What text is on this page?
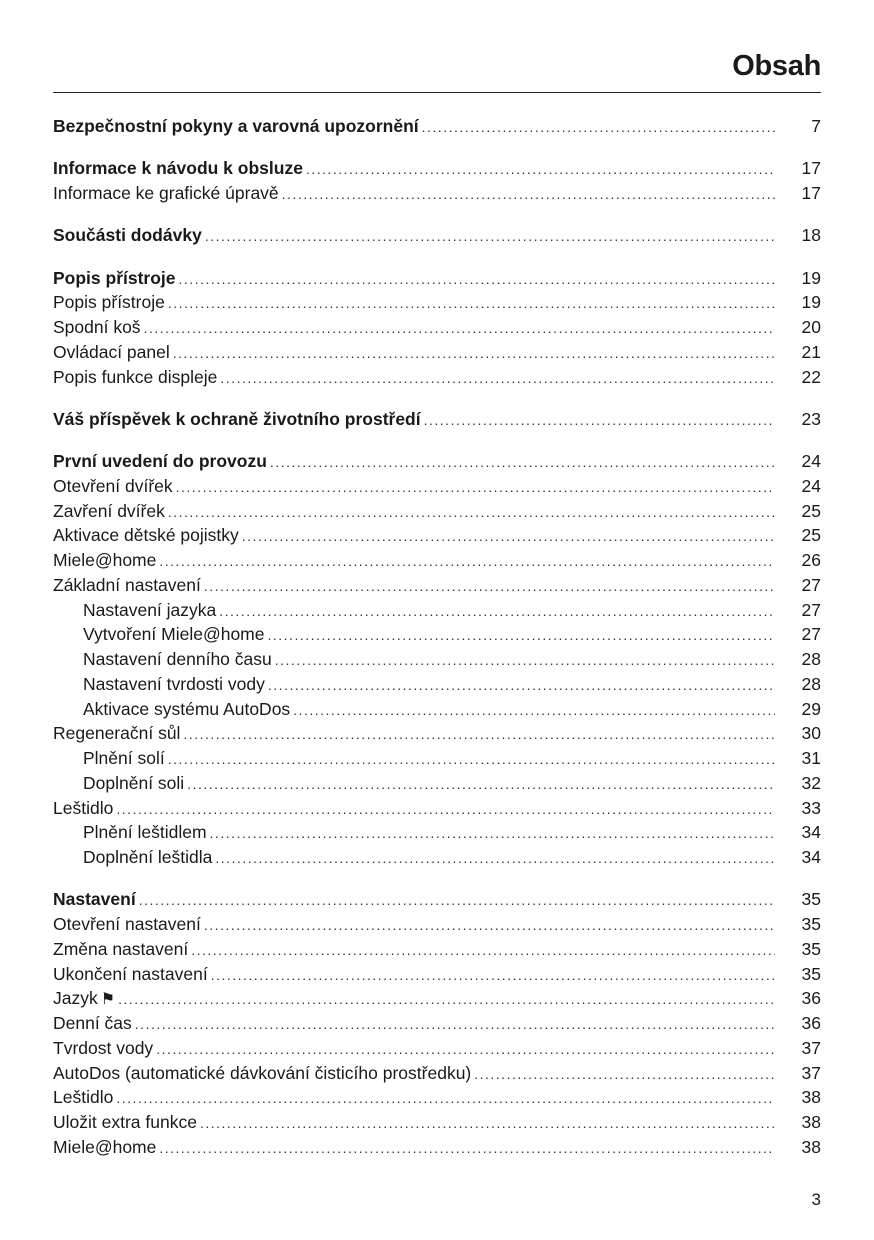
Obsah
Bezpečnostní pokyny a varovná upozornění .....	7
Informace k návodu k obsluze .....	17
Informace ke grafické úpravě .....	17
Součásti dodávky .....	18
Popis přístroje .....	19
Popis přístroje .....	19
Spodní koš .....	20
Ovládací panel .....	21
Popis funkce displeje .....	22
Váš příspěvek k ochraně životního prostředí .....	23
První uvedení do provozu .....	24
Otevření dvířek .....	24
Zavření dvířek .....	25
Aktivace dětské pojistky .....	25
Miele@home .....	26
Základní nastavení .....	27
Nastavení jazyka .....	27
Vytvoření Miele@home .....	27
Nastavení denního času .....	28
Nastavení tvrdosti vody .....	28
Aktivace systému AutoDos .....	29
Regenerační sůl .....	30
Plnění solí .....	31
Doplnění soli .....	32
Leštidlo .....	33
Plnění leštidlem .....	34
Doplnění leštidla .....	34
Nastavení .....	35
Otevření nastavení .....	35
Změna nastavení .....	35
Ukončení nastavení .....	35
Jazyk ⚑ .....	36
Denní čas .....	36
Tvrdost vody .....	37
AutoDos (automatické dávkování čisticího prostředku) .....	37
Leštidlo .....	38
Uložit extra funkce .....	38
Miele@home .....	38
3
